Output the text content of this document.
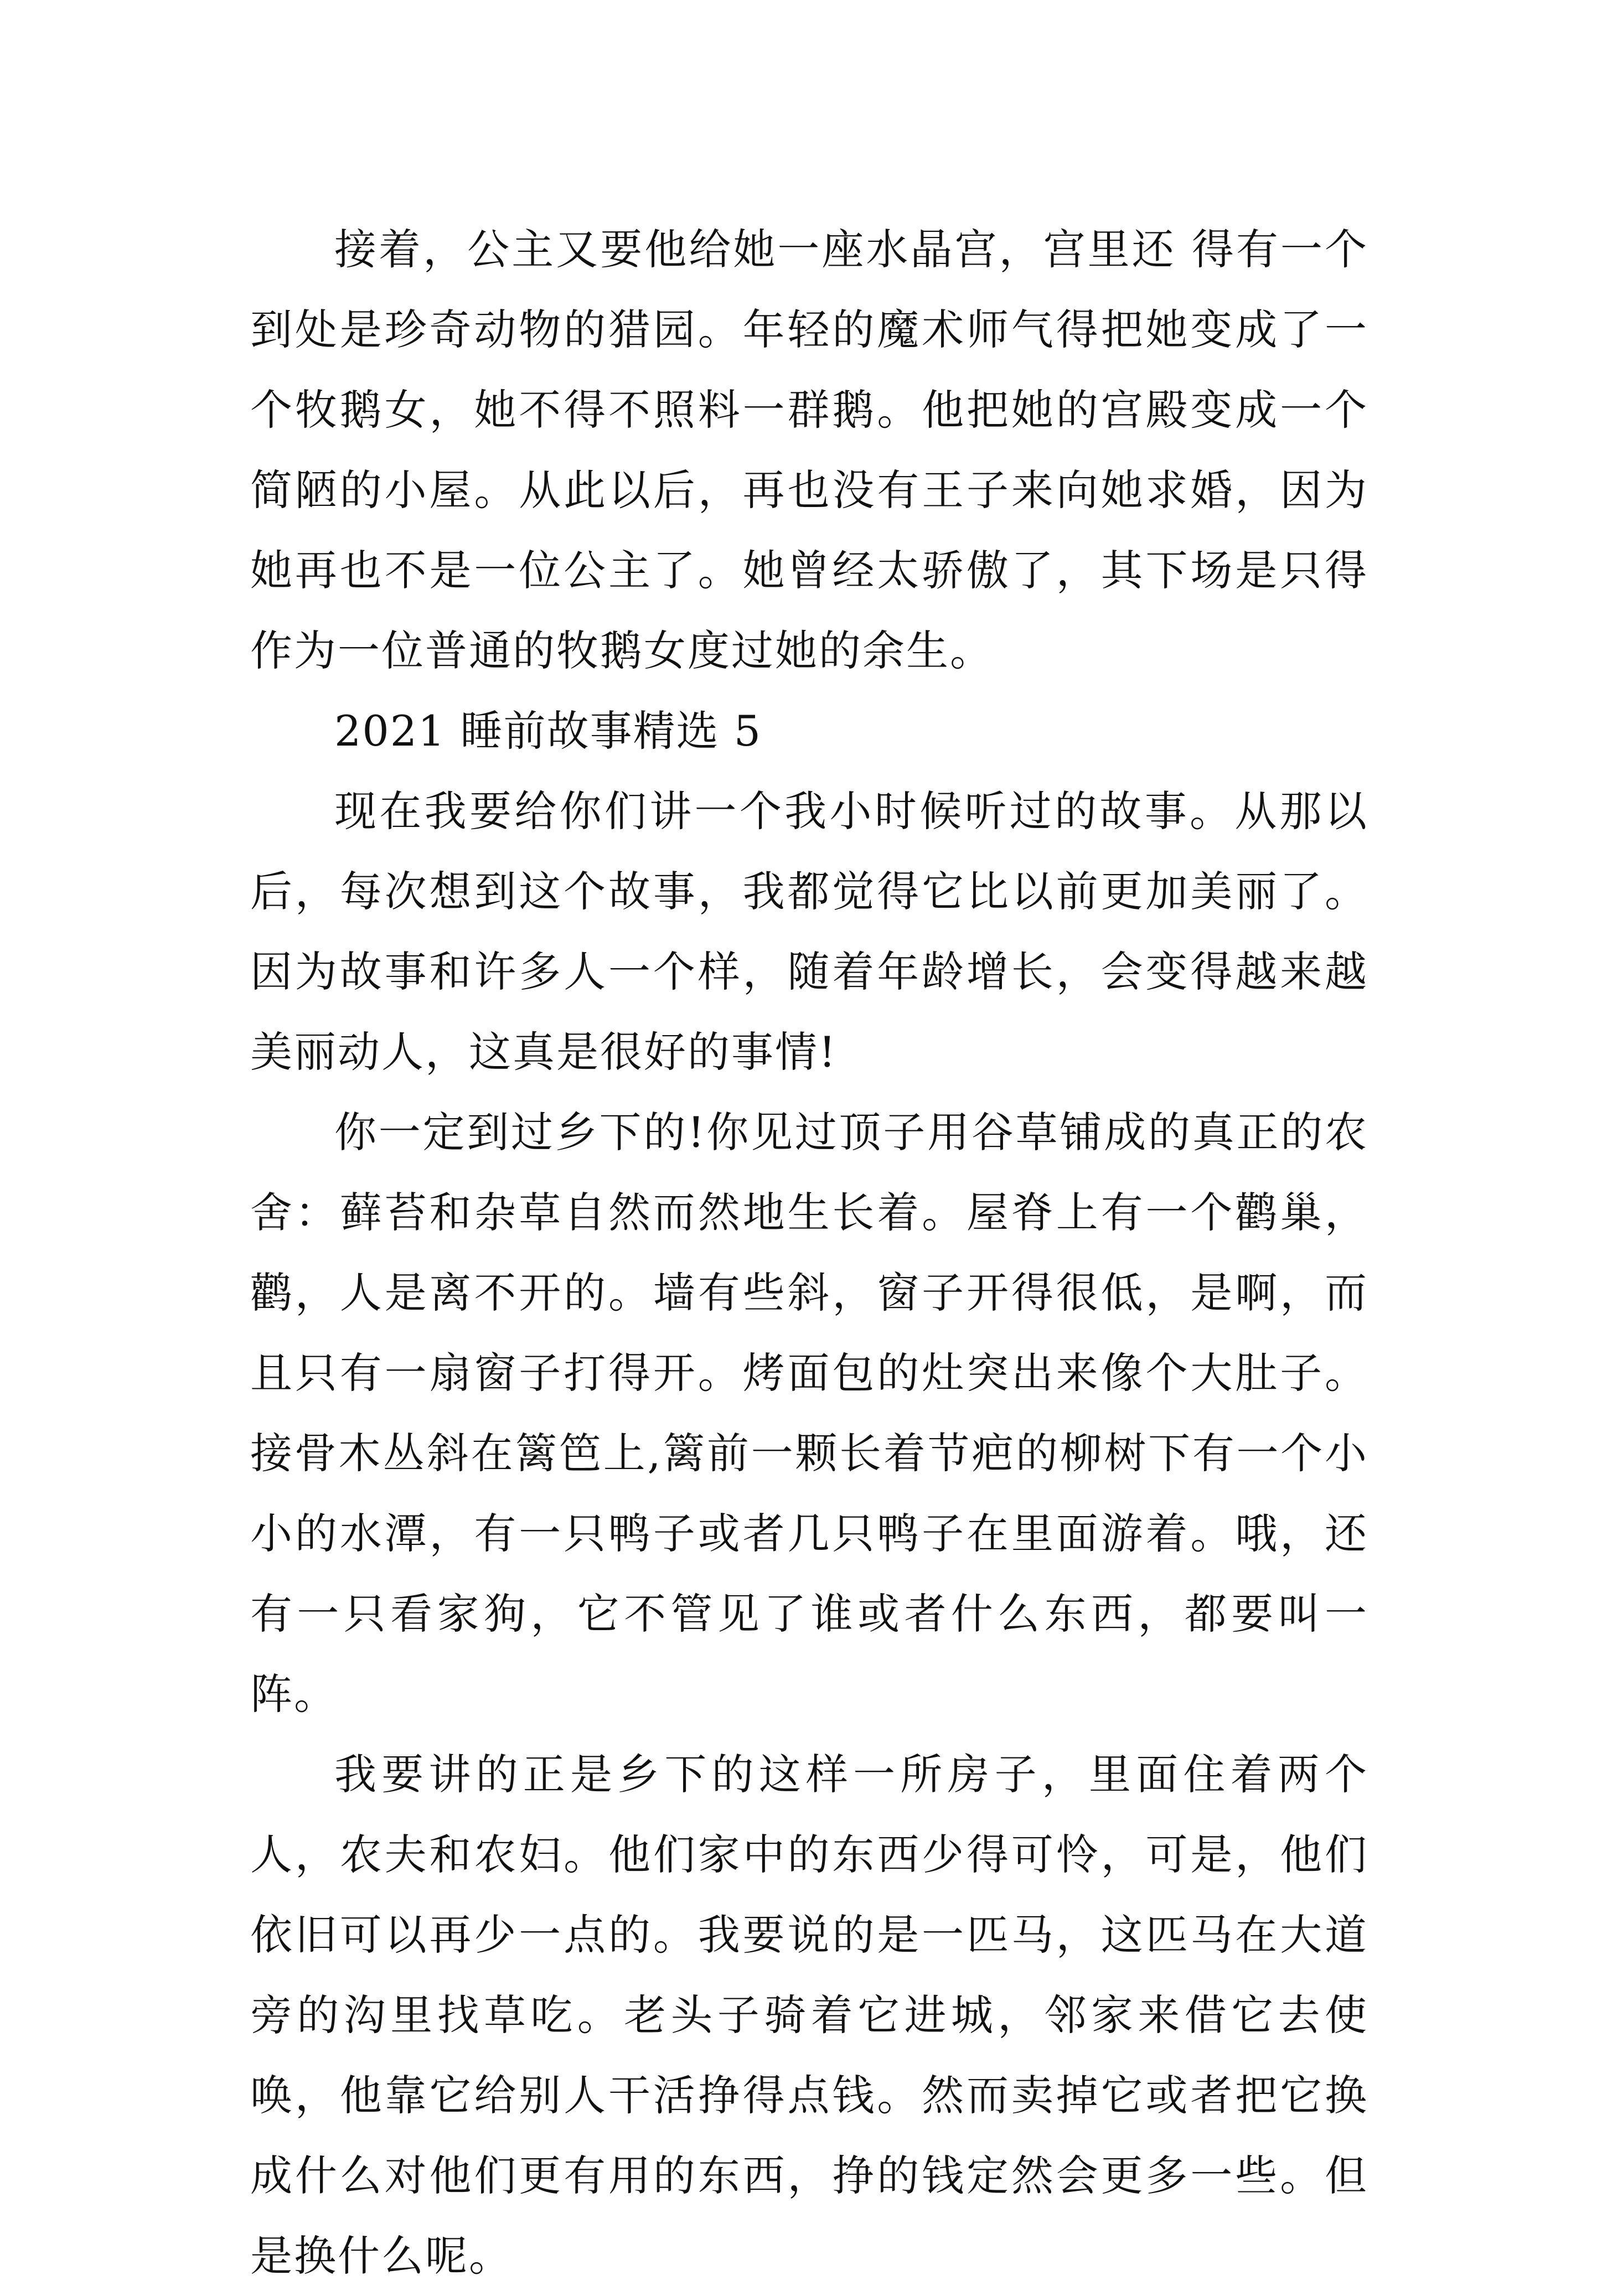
接着，公主又要他给她一座水晶宫，宫里还 得有一个到处是珍奇动物的猎园。年轻的魔术师气得把她变成了一个牧鹅女，她不得不照料一群鹅。他把她的宫殿变成一个简陋的小屋。从此以后，再也没有王子来向她求婚，因为她再也不是一位公主了。她曾经太骄傲了，其下场是只得作为一位普通的牧鹅女度过她的余生。

2021 睡前故事精选 5

现在我要给你们讲一个我小时候听过的故事。从那以后，每次想到这个故事，我都觉得它比以前更加美丽了。因为故事和许多人一个样，随着年龄增长，会变得越来越美丽动人，这真是很好的事情!

你一定到过乡下的!你见过顶子用谷草铺成的真正的农舍：藓苔和杂草自然而然地生长着。屋脊上有一个鹳巢，鹳，人是离不开的。墙有些斜，窗子开得很低，是啊，而且只有一扇窗子打得开。烤面包的灶突出来像个大肚子。接骨木丛斜在篱笆上,篱前一颗长着节疤的柳树下有一个小小的水潭，有一只鸭子或者几只鸭子在里面游着。哦，还有一只看家狗，它不管见了谁或者什么东西，都要叫一阵。

我要讲的正是乡下的这样一所房子，里面住着两个人，农夫和农妇。他们家中的东西少得可怜，可是，他们依旧可以再少一点的。我要说的是一匹马，这匹马在大道旁的沟里找草吃。老头子骑着它进城，邻家来借它去使唤，他靠它给别人干活挣得点钱。然而卖掉它或者把它换成什么对他们更有用的东西，挣的钱定然会更多一些。但是换什么呢。
